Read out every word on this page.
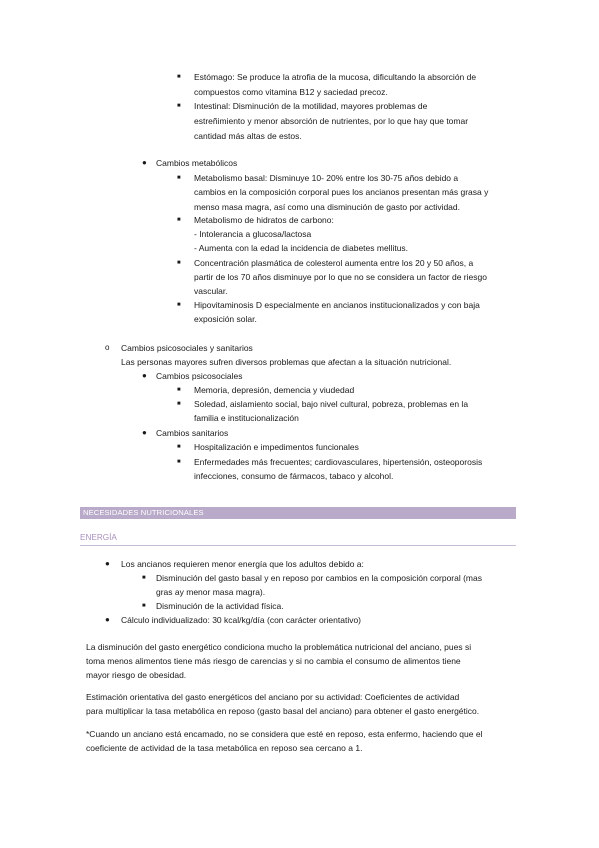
■ Estómago: Se produce la atrofia de la mucosa, dificultando la absorción de
compuestos como vitamina B12 y saciedad precoz.
■ Intestinal: Disminución de la motilidad, mayores problemas de
estreñimiento y menor absorción de nutrientes, por lo que hay que tomar
cantidad más altas de estos.
● Cambios metabólicos
■ Metabolismo basal: Disminuye 10- 20% entre los 30-75 años debido a
cambios en la composición corporal pues los ancianos presentan más grasa y
menso masa magra, así como una disminución de gasto por actividad.
■ Metabolismo de hidratos de carbono:
- Intolerancia a glucosa/lactosa
- Aumenta con la edad la incidencia de diabetes mellitus.
■ Concentración plasmática de colesterol aumenta entre los 20 y 50 años, a
partir de los 70 años disminuye por lo que no se considera un factor de riesgo
vascular.
■ Hipovitaminosis D especialmente en ancianos institucionalizados y con baja
exposición solar.
o Cambios psicosociales y sanitarios
Las personas mayores sufren diversos problemas que afectan a la situación nutricional.
● Cambios psicosociales
■ Memoria, depresión, demencia y viudedad
■ Soledad, aislamiento social, bajo nivel cultural, pobreza, problemas en la
familia e institucionalización
● Cambios sanitarios
■ Hospitalización e impedimentos funcionales
■ Enfermedades más frecuentes; cardiovasculares, hipertensión, osteoporosis
infecciones, consumo de fármacos, tabaco y alcohol.
NECESIDADES NUTRICIONALES
ENERGÍA
● Los ancianos requieren menor energía que los adultos debido a:
■ Disminución del gasto basal y en reposo por cambios en la composición corporal (mas
gras ay menor masa magra).
■ Disminución de la actividad física.
● Cálculo individualizado: 30 kcal/kg/día (con carácter orientativo)
La disminución del gasto energético condiciona mucho la problemática nutricional del anciano, pues si
toma menos alimentos tiene más riesgo de carencias y si no cambia el consumo de alimentos tiene
mayor riesgo de obesidad.
Estimación orientativa del gasto energéticos del anciano por su actividad: Coeficientes de actividad
para multiplicar la tasa metabólica en reposo (gasto basal del anciano) para obtener el gasto energético.
*Cuando un anciano está encamado, no se considera que esté en reposo, esta enfermo, haciendo que el
coeficiente de actividad de la tasa metabólica en reposo sea cercano a 1.
